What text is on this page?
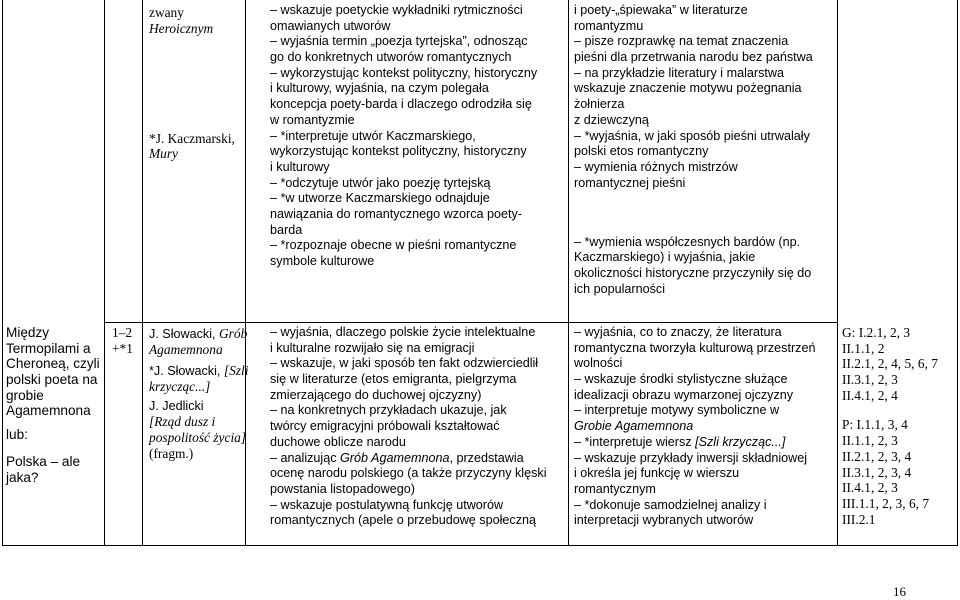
Między
Termopilami a
Cheroneą, czyli
polski poeta na
grobie
Agamemnona
lub:
Polska – ale
jaka?
1–2
+*1
zwany
Heroicznym
*J. Kaczmarski,
Mury
J. Słowacki, Grób
Agamemnona
*J. Słowacki, [Szli
krzycząc...]
J. Jedlicki
[Rząd dusz i
pospolitość życia]
(fragm.)
– wskazuje poetyckie wykładniki rytmiczności
omawianych utworów
– wyjaśnia termin „poezja tyrtejska”, odnosząc
go do konkretnych utworów romantycznych
– wykorzystując kontekst polityczny, historyczny
i kulturowy, wyjaśnia, na czym polegała
koncepcja poety-barda i dlaczego odrodziła się
w romantyzmie
– *interpretuje utwór Kaczmarskiego,
wykorzystując kontekst polityczny, historyczny
i kulturowy
– *odczytuje utwór jako poezję tyrtejską
– *w utworze Kaczmarskiego odnajduje
nawiązania do romantycznego wzorca poety-
barda
– *rozpoznaje obecne w pieśni romantyczne
symbole kulturowe
– wyjaśnia, dlaczego polskie życie intelektualne
i kulturalne rozwijało się na emigracji
– wskazuje, w jaki sposób ten fakt odzwierciedlił
się w literaturze (etos emigranta, pielgrzyma
zmierzającego do duchowej ojczyzny)
– na konkretnych przykładach ukazuje, jak
twórcy emigracyjni próbowali kształtować
duchowe oblicze narodu
– analizując Grób Agamemnona, przedstawia
ocenę narodu polskiego (a także przyczyny klęski
powstania listopadowego)
– wskazuje postulatywną funkcję utworów
romantycznych (apele o przebudowę społeczną
i poety-„śpiewaka” w literaturze
romantyzmu
– pisze rozprawkę na temat znaczenia
pieśni dla przetrwania narodu bez państwa
– na przykładzie literatury i malarstwa
wskazuje znaczenie motywu pożegnania
żołnierza
z dziewczyną
– *wyjaśnia, w jaki sposób pieśni utrwalały
polski etos romantyczny
– wymienia różnych mistrzów
romantycznej pieśni
– *wymienia współczesnych bardów (np.
Kaczmarskiego) i wyjaśnia, jakie
okoliczności historyczne przyczyniły się do
ich popularności
– wyjaśnia, co to znaczy, że literatura
romantyczna tworzyła kulturową przestrzeń
wolności
– wskazuje środki stylistyczne służące
idealizacji obrazu wymarzonej ojczyzny
– interpretuje motywy symboliczne w
Grobie Agamemnona
– *interpretuje wiersz [Szli krzycząc...]
– wskazuje przykłady inwersji składniowej
i określa jej funkcję w wierszu
romantycznym
– *dokonuje samodzielnej analizy i
interpretacji wybranych utworów
G: I.2.1, 2, 3
II.1.1, 2
II.2.1, 2, 4, 5, 6, 7
II.3.1, 2, 3
II.4.1, 2, 4
P: I.1.1, 3, 4
II.1.1, 2, 3
II.2.1, 2, 3, 4
II.3.1, 2, 3, 4
II.4.1, 2, 3
III.1.1, 2, 3, 6, 7
III.2.1
16
